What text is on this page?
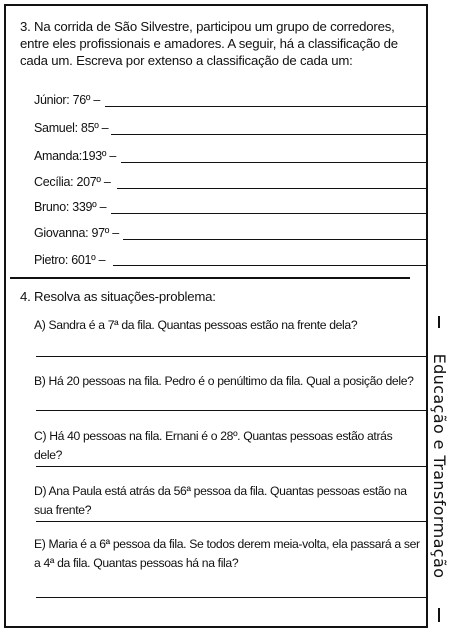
3. Na corrida de São Silvestre, participou um grupo de corredores, entre eles profissionais e amadores. A seguir, há a classificação de cada um. Escreva por extenso a classificação de cada um:
Júnior: 76º –
Samuel: 85º –
Amanda:193º –
Cecília: 207º –
Bruno: 339º –
Giovanna: 97º –
Pietro: 601º –
4. Resolva as situações-problema:
A) Sandra é a 7ª da fila. Quantas pessoas estão na frente dela?
B) Há 20 pessoas na fila. Pedro é o penúltimo da fila. Qual a posição dele?
C) Há 40 pessoas na fila. Ernani é o 28º. Quantas pessoas estão atrás dele?
D) Ana Paula está atrás da 56ª pessoa da fila. Quantas pessoas estão na sua frente?
E) Maria é a 6ª pessoa da fila. Se todos derem meia-volta, ela passará a ser a 4ª da fila. Quantas pessoas há na fila?	Educação e Transformação
